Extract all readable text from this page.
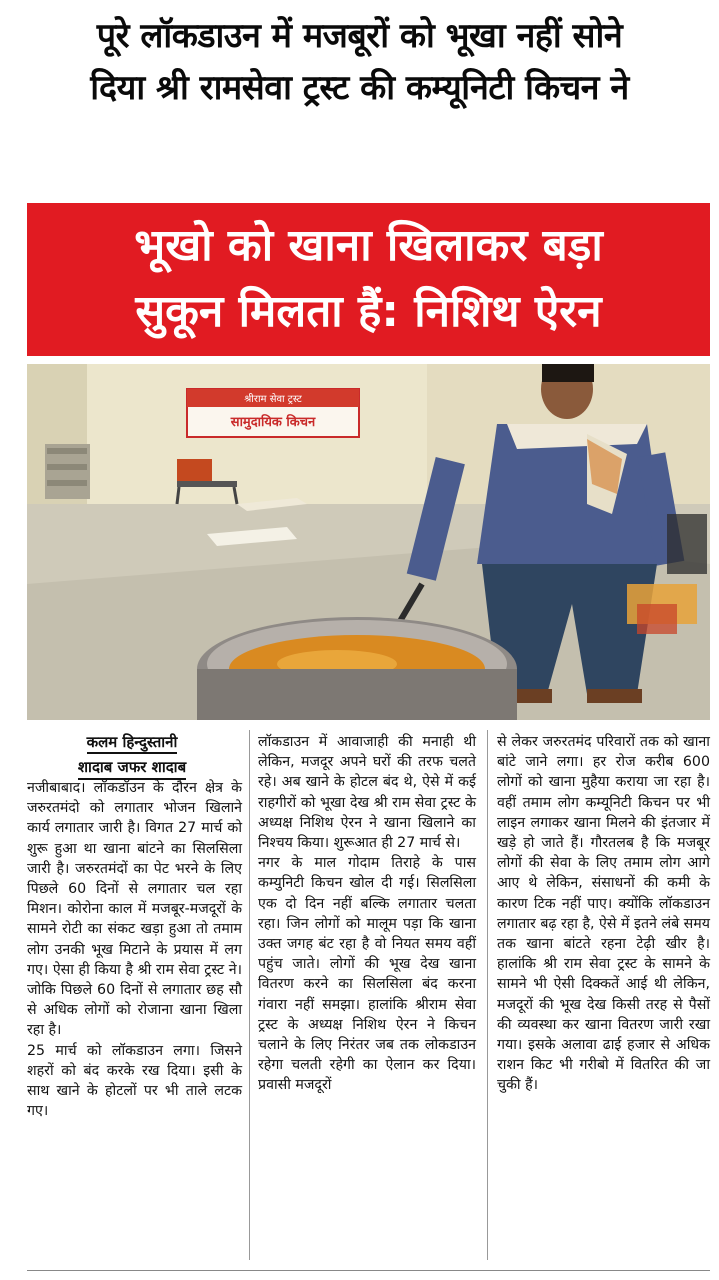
पूरे लॉकडाउन में मजबूरों को भूखा नहीं सोने
दिया श्री रामसेवा ट्रस्ट की कम्यूनिटी किचन ने
भूखो को खाना खिलाकर बड़ा
सुकून मिलता हैं: निशिथ ऐरन
श्रीराम सेवा ट्रस्ट
सामुदायिक किचन
कलम हिन्दुस्तानी
शादाब जफर शादाब

नजीबाबाद। लॉकडॉउन के दौरन क्षेत्र के जरुरतमंदो को लगातार भोजन खिलाने कार्य लगातार जारी है। विगत 27 मार्च को शुरू हुआ था खाना बांटने का सिलसिला जारी है। जरुरतमंदों का पेट भरने के लिए पिछले 60 दिनों से लगातार चल रहा मिशन। कोरोना काल में मजबूर-मजदूरों के सामने रोटी का संकट खड़ा हुआ तो तमाम लोग उनकी भूख मिटाने के प्रयास में लग गए। ऐसा ही किया है श्री राम सेवा ट्रस्ट ने। जोकि पिछले 60 दिनों से लगातार छह सौ से अधिक लोगों को रोजाना खाना खिला रहा है।

25 मार्च को लॉकडाउन लगा। जिसने शहरों को बंद करके रख दिया। इसी के साथ खाने के होटलों पर भी ताले लटक गए।

लॉकडाउन में आवाजाही की मनाही थी लेकिन, मजदूर अपने घरों की तरफ चलते रहे। अब खाने के होटल बंद थे, ऐसे में कई राहगीरों को भूखा देख श्री राम सेवा ट्रस्ट के अध्यक्ष निशिथ ऐरन ने खाना खिलाने का निश्चय किया। शुरूआत ही 27 मार्च से।

नगर के माल गोदाम तिराहे के पास कम्युनिटी किचन खोल दी गई। सिलसिला एक दो दिन नहीं बल्कि लगातार चलता रहा। जिन लोगों को मालूम पड़ा कि खाना उक्त जगह बंट रहा है वो नियत समय वहीं पहुंच जाते। लोगों की भूख देख खाना वितरण करने का सिलसिला बंद करना गंवारा नहीं समझा। हालांकि श्रीराम सेवा ट्रस्ट के अध्यक्ष निशिथ ऐरन ने किचन चलाने के लिए निरंतर जब तक लोकडाउन रहेगा चलती रहेगी का ऐलान कर दिया। प्रवासी मजदूरों

से लेकर जरुरतमंद परिवारों तक को खाना बांटे जाने लगा। हर रोज करीब 600 लोगों को खाना मुहैया कराया जा रहा है। वहीं तमाम लोग कम्यूनिटी किचन पर भी लाइन लगाकर खाना मिलने की इंतजार में खड़े हो जाते हैं। गौरतलब है कि मजबूर लोगों की सेवा के लिए तमाम लोग आगे आए थे लेकिन, संसाधनों की कमी के कारण टिक नहीं पाए। क्योंकि लॉकडाउन लगातार बढ़ रहा है, ऐसे में इतने लंबे समय तक खाना बांटते रहना टेढ़ी खीर है। हालांकि श्री राम सेवा ट्रस्ट के सामने के सामने भी ऐसी दिक्कतें आई थी लेकिन, मजदूरों की भूख देख किसी तरह से पैसों की व्यवस्था कर खाना वितरण जारी रखा गया। इसके अलावा ढाई हजार से अधिक राशन किट भी गरीबो में वितरित की जा चुकी हैं।
